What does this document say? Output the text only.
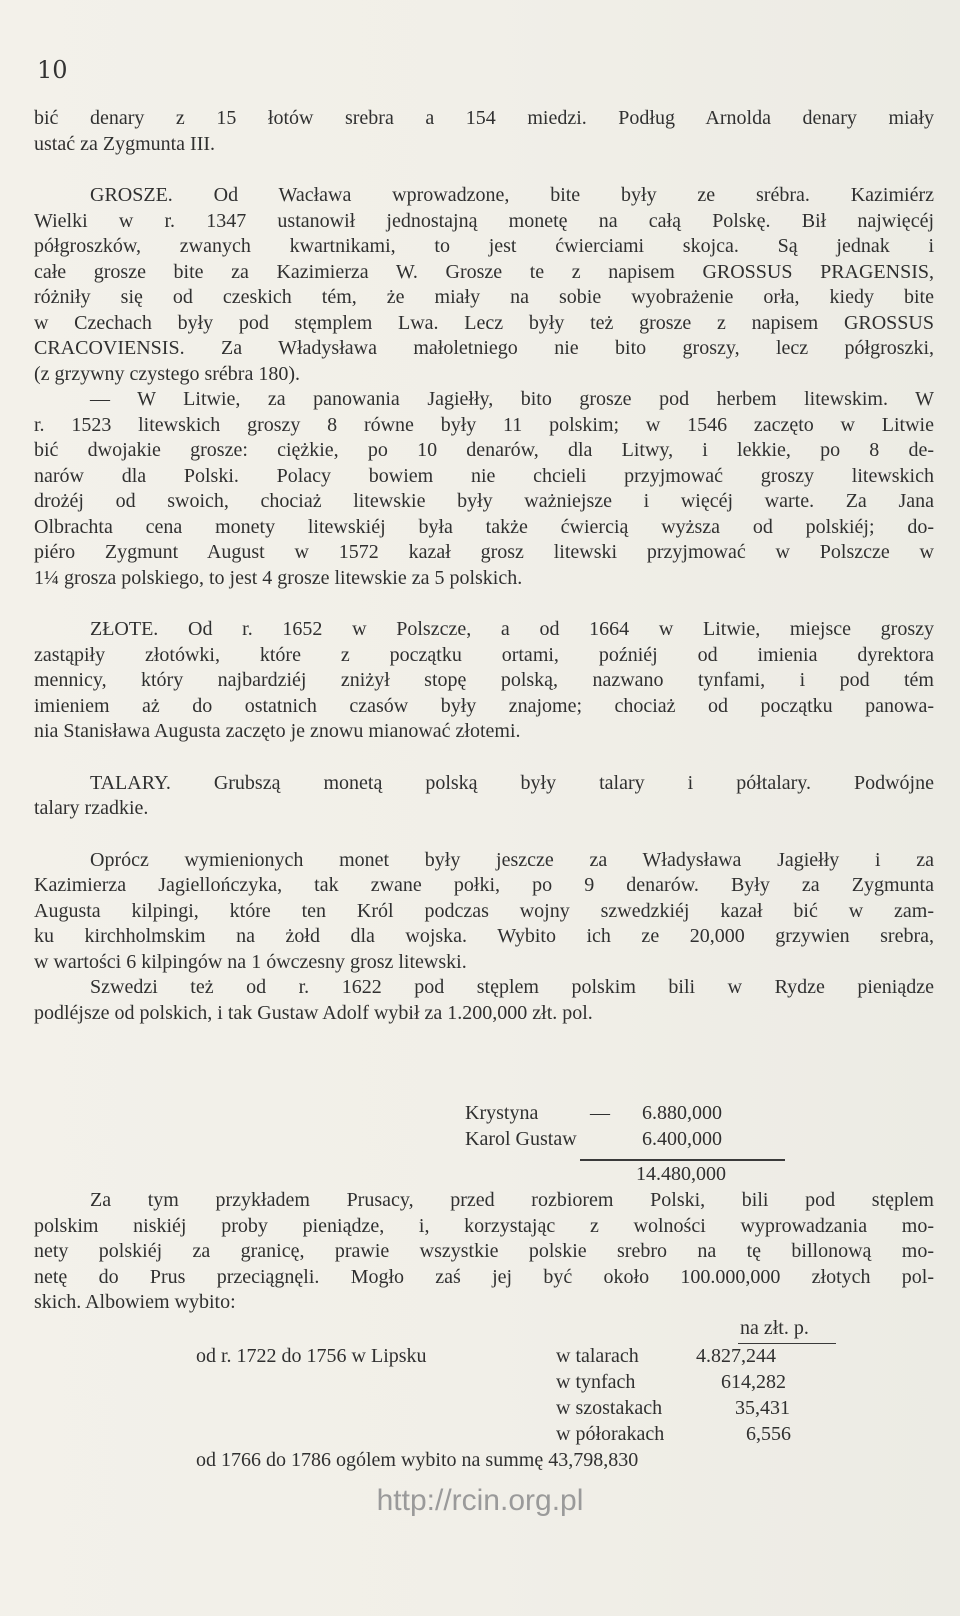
10
bić denary z 15 łotów srebra a 154 miedzi. Podług Arnolda denary miały
ustać za Zygmunta III.
GROSZE. Od Wacława wprowadzone, bite były ze srébra. Kazimiérz
Wielki w r. 1347 ustanowił jednostajną monetę na całą Polskę. Bił najwięcéj
półgroszków, zwanych kwartnikami, to jest ćwierciami skojca. Są jednak i
całe grosze bite za Kazimierza W. Grosze te z napisem GROSSUS PRAGENSIS,
różniły się od czeskich tém, że miały na sobie wyobrażenie orła, kiedy bite
w Czechach były pod stęmplem Lwa. Lecz były też grosze z napisem GROSSUS
CRACOVIENSIS. Za Władysława małoletniego nie bito groszy, lecz półgroszki,
(z grzywny czystego srébra 180).
— W Litwie, za panowania Jagiełły, bito grosze pod herbem litewskim. W
r. 1523 litewskich groszy 8 równe były 11 polskim; w 1546 zaczęto w Litwie
bić dwojakie grosze: ciężkie, po 10 denarów, dla Litwy, i lekkie, po 8 de-
narów dla Polski. Polacy bowiem nie chcieli przyjmować groszy litewskich
drożéj od swoich, chociaż litewskie były ważniejsze i więcéj warte. Za Jana
Olbrachta cena monety litewskiéj była także ćwiercią wyższa od polskiéj; do-
piéro Zygmunt August w 1572 kazał grosz litewski przyjmować w Polszcze w
1¼ grosza polskiego, to jest 4 grosze litewskie za 5 polskich.
ZŁOTE. Od r. 1652 w Polszcze, a od 1664 w Litwie, miejsce groszy
zastąpiły złotówki, które z początku ortami, poźniéj od imienia dyrektora
mennicy, który najbardziéj zniżył stopę polską, nazwano tynfami, i pod tém
imieniem aż do ostatnich czasów były znajome; chociaż od początku panowa-
nia Stanisława Augusta zaczęto je znowu mianować złotemi.
TALARY. Grubszą monetą polską były talary i półtalary. Podwójne
talary rzadkie.
Oprócz wymienionych monet były jeszcze za Władysława Jagiełły i za
Kazimierza Jagiellończyka, tak zwane połki, po 9 denarów. Były za Zygmunta
Augusta kilpingi, które ten Król podczas wojny szwedzkiéj kazał bić w zam-
ku kirchholmskim na żołd dla wojska. Wybito ich ze 20,000 grzywien srebra,
w wartości 6 kilpingów na 1 ówczesny grosz litewski.
Szwedzi też od r. 1622 pod stęplem polskim bili w Rydze pieniądze
podléjsze od polskich, i tak Gustaw Adolf wybił za 1.200,000 złt. pol.
Krystyna	— 6.880,000
Karol Gustaw	6.400,000
14.480,000
Za tym przykładem Prusacy, przed rozbiorem Polski, bili pod stęplem
polskim niskiéj proby pieniądze, i, korzystając z wolności wyprowadzania mo-
nety polskiéj za granicę, prawie wszystkie polskie srebro na tę billonową mo-
netę do Prus przeciągnęli. Mogło zaś jej być około 100.000,000 złotych pol-
skich. Albowiem wybito:
na złt. p.
od r. 1722 do 1756 w Lipsku	w talarach	4.827,244
w tynfach	614,282
w szostakach	35,431
w półorakach	6,556
od 1766 do 1786 ogólem wybito na summę 43,798,830
http://rcin.org.pl
